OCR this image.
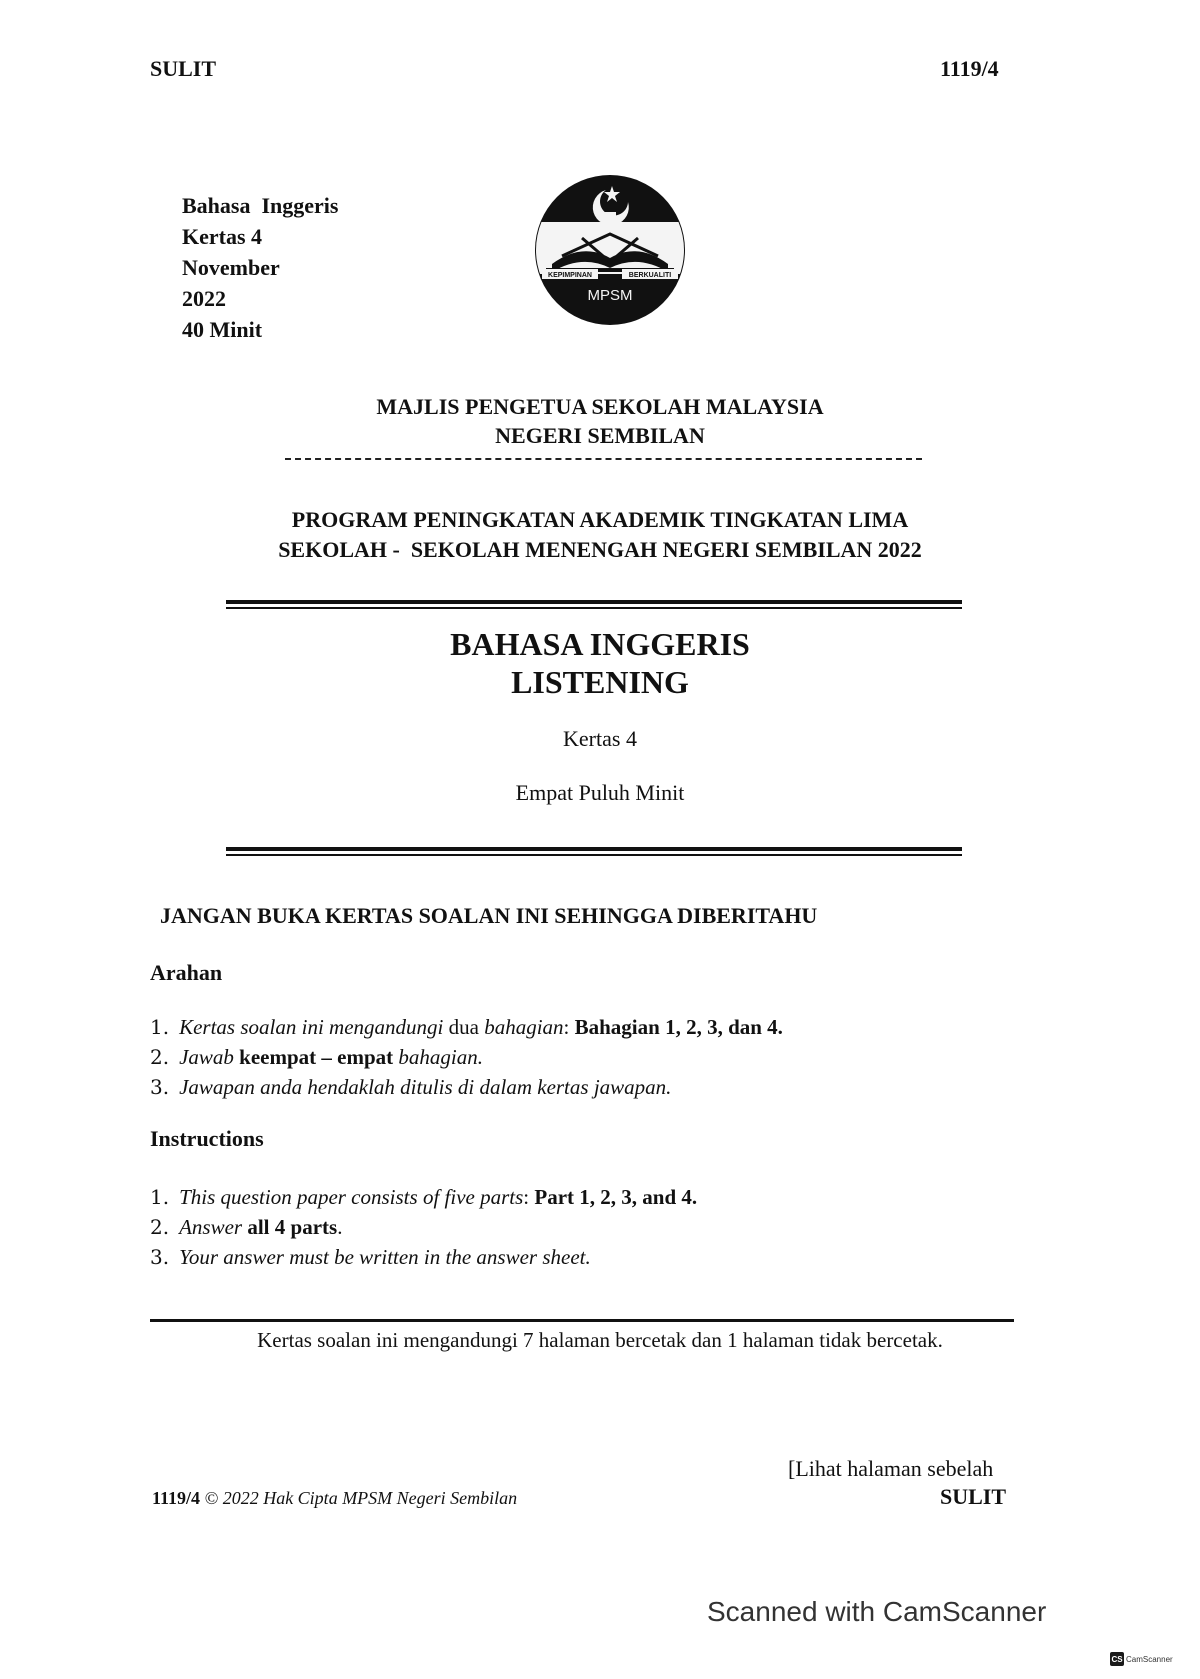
SULIT	1119/4
Bahasa  Inggeris
Kertas 4
November
2022
40 Minit
KEPIMPINAN	BERKUALITI
MPSM
MAJLIS PENGETUA SEKOLAH MALAYSIA
NEGERI SEMBILAN
PROGRAM PENINGKATAN AKADEMIK TINGKATAN LIMA
SEKOLAH -  SEKOLAH MENENGAH NEGERI SEMBILAN 2022
BAHASA INGGERIS
LISTENING
Kertas 4
Empat Puluh Minit
JANGAN BUKA KERTAS SOALAN INI SEHINGGA DIBERITAHU
Arahan
1. Kertas soalan ini mengandungi dua bahagian: Bahagian 1, 2, 3, dan 4.
2. Jawab keempat – empat bahagian.
3. Jawapan anda hendaklah ditulis di dalam kertas jawapan.
Instructions
1. This question paper consists of five parts: Part 1, 2, 3, and 4.
2. Answer all 4 parts.
3. Your answer must be written in the answer sheet.
Kertas soalan ini mengandungi 7 halaman bercetak dan 1 halaman tidak bercetak.
1119/4 © 2022 Hak Cipta MPSM Negeri Sembilan
[Lihat halaman sebelah
SULIT
Scanned with CamScanner
CS CamScanner
